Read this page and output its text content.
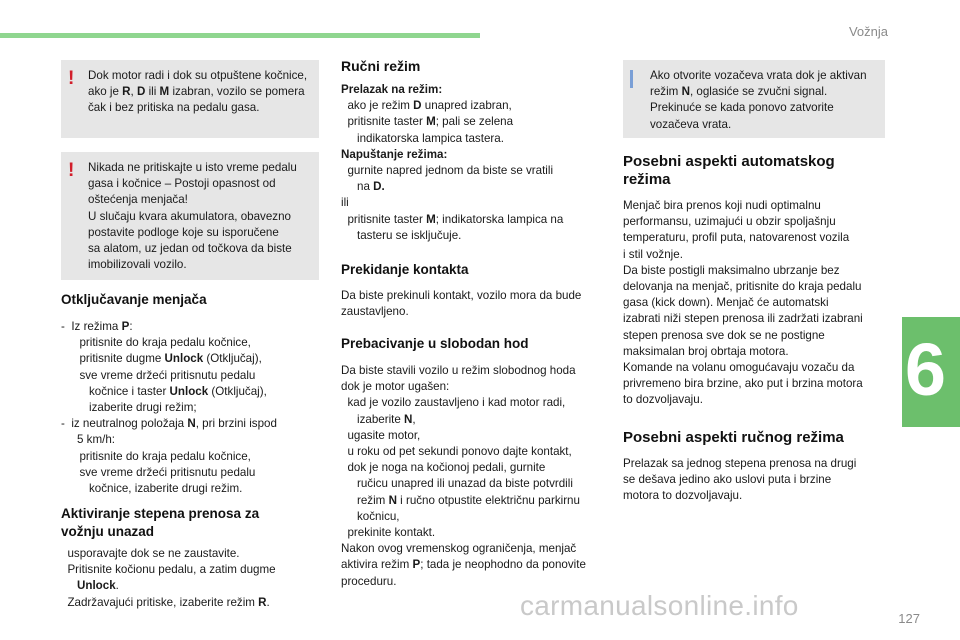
Vožnja
6
127
carmanualsonline.info
! Dok motor radi i dok su otpuštene kočnice,
ako je R, D ili M izabran, vozilo se pomera
čak i bez pritiska na pedalu gasa.
! Nikada ne pritiskajte u isto vreme pedalu
gasa i kočnice – Postoji opasnost od
oštećenja menjača!
U slučaju kvara akumulatora, obavezno
postavite podloge koje su isporučene
sa alatom, uz jedan od točkova da biste
imobilizovali vozilo.
Otključavanje menjača
- Iz režima P:
pritisnite do kraja pedalu kočnice,
pritisnite dugme Unlock (Otključaj),
sve vreme držeći pritisnutu pedalu
kočnice i taster Unlock (Otključaj),
izaberite drugi režim;
- iz neutralnog položaja N, pri brzini ispod
5 km/h:
pritisnite do kraja pedalu kočnice,
sve vreme držeći pritisnutu pedalu
kočnice, izaberite drugi režim.
Aktiviranje stepena prenosa za
vožnju unazad
usporavajte dok se ne zaustavite.
Pritisnite kočionu pedalu, a zatim dugme
Unlock.
Zadržavajući pritiske, izaberite režim R.
Ručni režim
Prelazak na režim:
ako je režim D unapred izabran,
pritisnite taster M; pali se zelena
indikatorska lampica tastera.
Napuštanje režima:
gurnite napred jednom da biste se vratili
na D.
ili
pritisnite taster M; indikatorska lampica na
tasteru se isključuje.
Prekidanje kontakta
Da biste prekinuli kontakt, vozilo mora da bude
zaustavljeno.
Prebacivanje u slobodan hod
Da biste stavili vozilo u režim slobodnog hoda
dok je motor ugašen:
kad je vozilo zaustavljeno i kad motor radi,
izaberite N,
ugasite motor,
u roku od pet sekundi ponovo dajte kontakt,
dok je noga na kočionoj pedali, gurnite
ručicu unapred ili unazad da biste potvrdili
režim N i ručno otpustite električnu parkirnu
kočnicu,
prekinite kontakt.
Nakon ovog vremenskog ograničenja, menjač
aktivira režim P; tada je neophodno da ponovite
proceduru.
Ako otvorite vozačeva vrata dok je aktivan
režim N, oglasiće se zvučni signal.
Prekinuće se kada ponovo zatvorite
vozačeva vrata.
Posebni aspekti automatskog
režima
Menjač bira prenos koji nudi optimalnu
performansu, uzimajući u obzir spoljašnju
temperaturu, profil puta, natovarenost vozila
i stil vožnje.
Da biste postigli maksimalno ubrzanje bez
delovanja na menjač, pritisnite do kraja pedalu
gasa (kick down). Menjač će automatski
izabrati niži stepen prenosa ili zadržati izabrani
stepen prenosa sve dok se ne postigne
maksimalan broj obrtaja motora.
Komande na volanu omogućavaju vozaču da
privremeno bira brzine, ako put i brzina motora
to dozvoljavaju.
Posebni aspekti ručnog režima
Prelazak sa jednog stepena prenosa na drugi
se dešava jedino ako uslovi puta i brzine
motora to dozvoljavaju.
